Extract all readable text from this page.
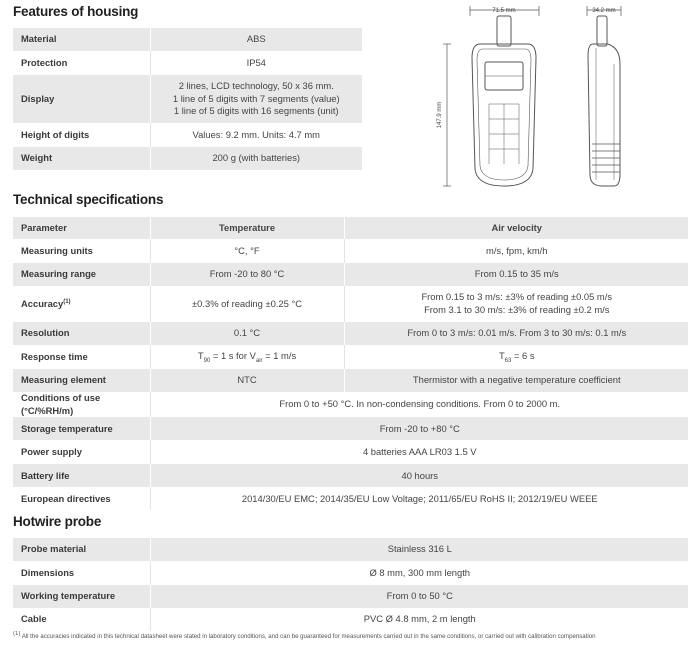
Features of housing
Material	ABS
Protection	IP54
Display	2 lines, LCD technology, 50 x 36 mm.
1 line of 5 digits with 7 segments (value)
1 line of 5 digits with 16 segments (unit)

Height of digits	Values: 9.2 mm. Units: 4.7 mm
Weight	200 g (with batteries)
71.5 mm
147.9 mm
34.2 mm
Technical specifications
Parameter	Temperature	Air velocity
Measuring units	°C, °F	m/s, fpm, km/h
Measuring range	From -20 to 80 °C	From 0.15 to 35 m/s
Accuracy$^{(1)}$	±0.3% of reading ±0.25 °C	From 0.15 to 3 m/s: ±3% of reading ±0.05 m/s
From 3.1 to 30 m/s: ±3% of reading ±0.2 m/s

Resolution	0.1 °C	From 0 to 3 m/s: 0.01 m/s. From 3 to 30 m/s: 0.1 m/s
Response time	$T_{90} = 1$ s for $V_{air} = 1$ m/s	$T_{63} = 6$ s
Measuring element	NTC	Thermistor with a negative temperature coefficient
Conditions of use (°C/%RH/m)	From 0 to +50 °C. In non-condensing conditions. From 0 to 2000 m.	
Storage temperature	From -20 to +80 °C	
Power supply	4 batteries AAA LR03 1.5 V	
Battery life	40 hours	
European directives	2014/30/EU EMC; 2014/35/EU Low Voltage; 2011/65/EU RoHS II; 2012/19/EU WEEE	
Hotwire probe
Probe material	Stainless 316 L
Dimensions	Ø 8 mm, 300 mm length
Working temperature	From 0 to 50 °C
Cable	PVC Ø 4.8 mm, 2 m length
$^{(1)}$ All the accuracies indicated in this technical datasheet were stated in laboratory conditions, and can be guaranteed for measurements carried out in the same conditions, or carried out with calibration compensation
